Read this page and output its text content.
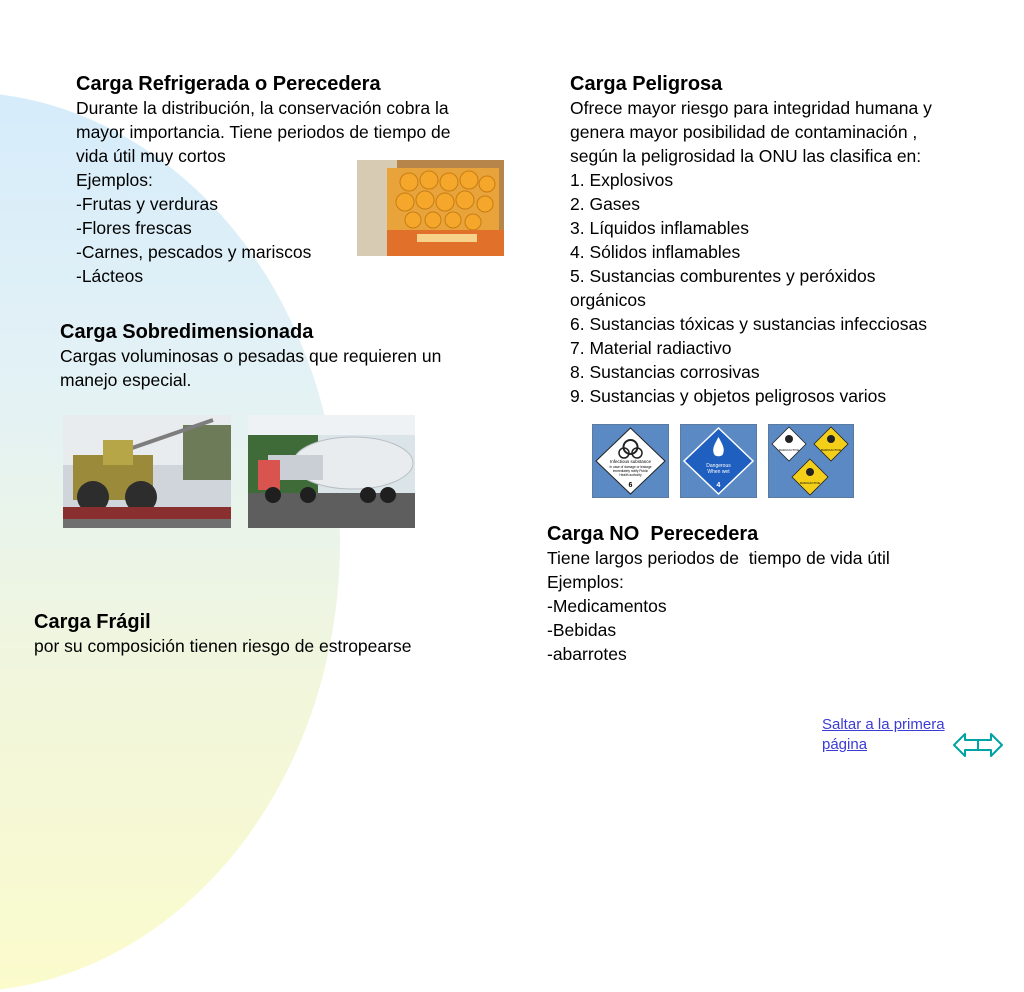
Carga Refrigerada o Perecedera

Durante la distribución, la conservación cobra la

mayor importancia. Tiene periodos de tiempo de

vida útil muy cortos

Ejemplos:

-Frutas y verduras

-Flores frescas

-Carnes, pescados y mariscos

-Lácteos

Carga Sobredimensionada

Cargas voluminosas o pesadas que requieren un

manejo especial.

Carga Frágil

por su composición tienen riesgo de estropearse

Carga Peligrosa

Ofrece mayor riesgo para integridad humana y

genera mayor posibilidad de contaminación ,

según la peligrosidad la ONU las clasifica en:

1. Explosivos

2. Gases

3. Líquidos inflamables

4. Sólidos inflamables

5. Sustancias comburentes y peróxidos

orgánicos

6. Sustancias tóxicas y sustancias infecciosas

7. Material radiactivo

8. Sustancias corrosivas

9. Sustancias y objetos peligrosos varios

Infectious substance
In case of damage or leakage
immediately notify Public
Health authority
6
Dangerous
When wet
4
RADIOACTIVE	RADIOACTIVE
RADIOACTIVE
Carga NO  Perecedera

Tiene largos periodos de  tiempo de vida útil

Ejemplos:

-Medicamentos

-Bebidas

-abarrotes

Saltar a la primera página
